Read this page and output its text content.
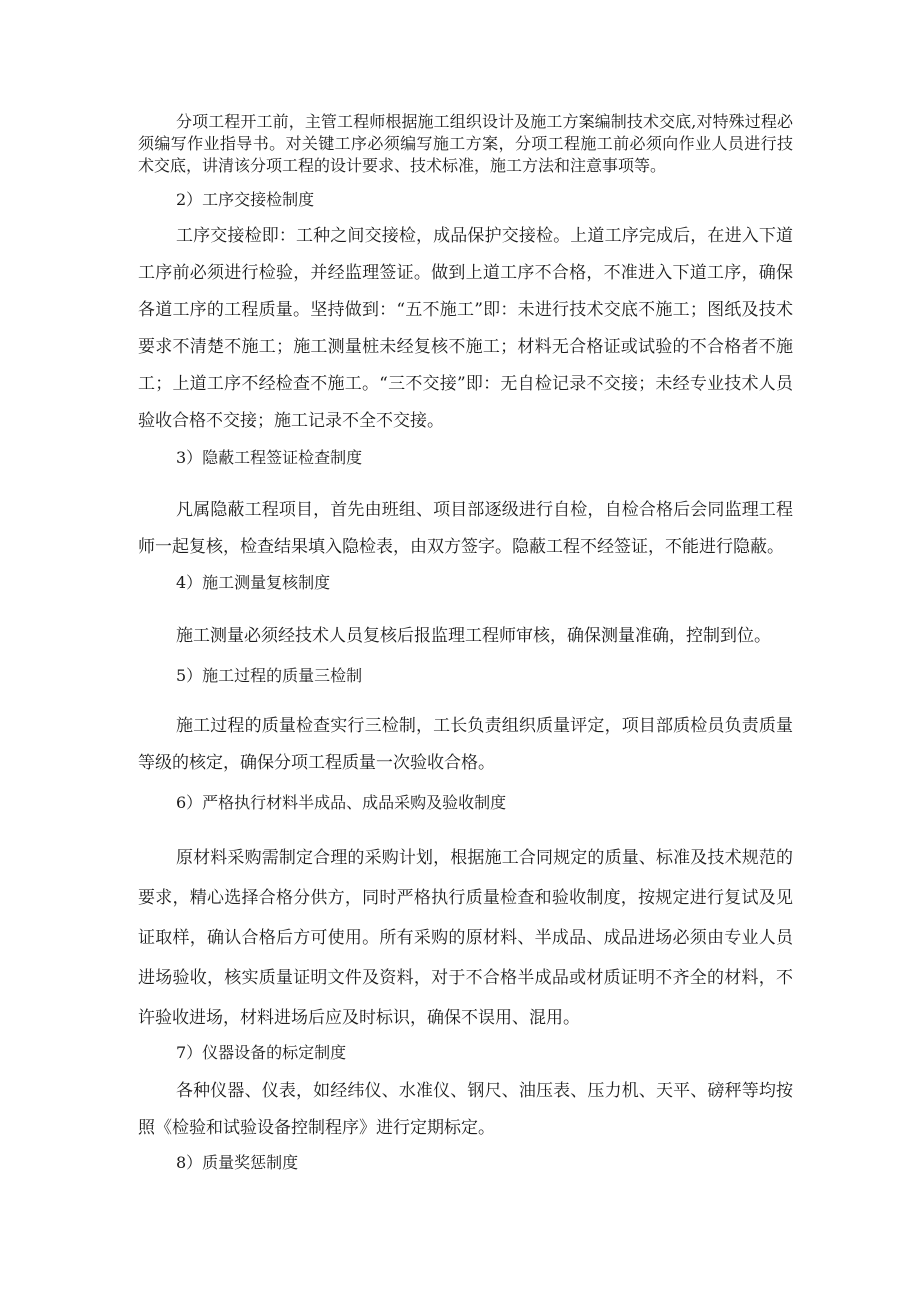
分项工程开工前，主管工程师根据施工组织设计及施工方案编制技术交底,对特殊过程必须编写作业指导书。对关键工序必须编写施工方案，分项工程施工前必须向作业人员进行技术交底，讲清该分项工程的设计要求、技术标准，施工方法和注意事项等。

2）工序交接检制度

工序交接检即：工种之间交接检，成品保护交接检。上道工序完成后，在进入下道工序前必须进行检验，并经监理签证。做到上道工序不合格，不准进入下道工序，确保各道工序的工程质量。坚持做到：“五不施工”即：未进行技术交底不施工；图纸及技术要求不清楚不施工；施工测量桩未经复核不施工；材料无合格证或试验的不合格者不施工；上道工序不经检查不施工。“三不交接”即：无自检记录不交接；未经专业技术人员验收合格不交接；施工记录不全不交接。

3）隐蔽工程签证检查制度

凡属隐蔽工程项目，首先由班组、项目部逐级进行自检，自检合格后会同监理工程师一起复核，检查结果填入隐检表，由双方签字。隐蔽工程不经签证，不能进行隐蔽。

4）施工测量复核制度

施工测量必须经技术人员复核后报监理工程师审核，确保测量准确，控制到位。

5）施工过程的质量三检制

施工过程的质量检查实行三检制，工长负责组织质量评定，项目部质检员负责质量等级的核定，确保分项工程质量一次验收合格。

6）严格执行材料半成品、成品采购及验收制度

原材料采购需制定合理的采购计划，根据施工合同规定的质量、标准及技术规范的要求，精心选择合格分供方，同时严格执行质量检查和验收制度，按规定进行复试及见证取样，确认合格后方可使用。所有采购的原材料、半成品、成品进场必须由专业人员进场验收，核实质量证明文件及资料，对于不合格半成品或材质证明不齐全的材料，不许验收进场，材料进场后应及时标识，确保不误用、混用。

7）仪器设备的标定制度

各种仪器、仪表，如经纬仪、水准仪、钢尺、油压表、压力机、天平、磅秤等均按照《检验和试验设备控制程序》进行定期标定。

8）质量奖惩制度
